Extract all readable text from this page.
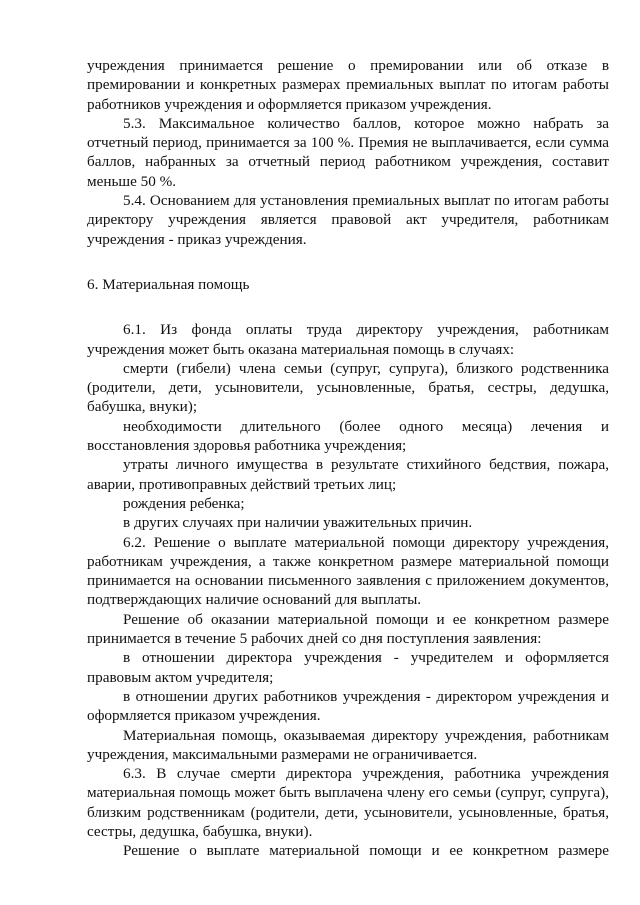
учреждения принимается решение о премировании или об отказе в премировании и конкретных размерах премиальных выплат по итогам работы работников учреждения и оформляется приказом учреждения.

5.3. Максимальное количество баллов, которое можно набрать за отчетный период, принимается за 100 %. Премия не выплачивается, если сумма баллов, набранных за отчетный период работником учреждения, составит меньше 50 %.

5.4. Основанием для установления премиальных выплат по итогам работы директору учреждения является правовой акт учредителя, работникам учреждения - приказ учреждения.

6. Материальная помощь

6.1. Из фонда оплаты труда директору учреждения, работникам учреждения может быть оказана материальная помощь в случаях:

смерти (гибели) члена семьи (супруг, супруга), близкого родственника (родители, дети, усыновители, усыновленные, братья, сестры, дедушка, бабушка, внуки);

необходимости длительного (более одного месяца) лечения и восстановления здоровья работника учреждения;

утраты личного имущества в результате стихийного бедствия, пожара, аварии, противоправных действий третьих лиц;

рождения ребенка;

в других случаях при наличии уважительных причин.

6.2. Решение о выплате материальной помощи директору учреждения, работникам учреждения, а также конкретном размере материальной помощи принимается на основании письменного заявления с приложением документов, подтверждающих наличие оснований для выплаты.

Решение об оказании материальной помощи и ее конкретном размере принимается в течение 5 рабочих дней со дня поступления заявления:

в отношении директора учреждения - учредителем и оформляется правовым актом учредителя;

в отношении других работников учреждения - директором учреждения и оформляется приказом учреждения.

Материальная помощь, оказываемая директору учреждения, работникам учреждения, максимальными размерами не ограничивается.

6.3. В случае смерти директора учреждения, работника учреждения материальная помощь может быть выплачена члену его семьи (супруг, супруга), близким родственникам (родители, дети, усыновители, усыновленные, братья, сестры, дедушка, бабушка, внуки).

Решение о выплате материальной помощи и ее конкретном размере
